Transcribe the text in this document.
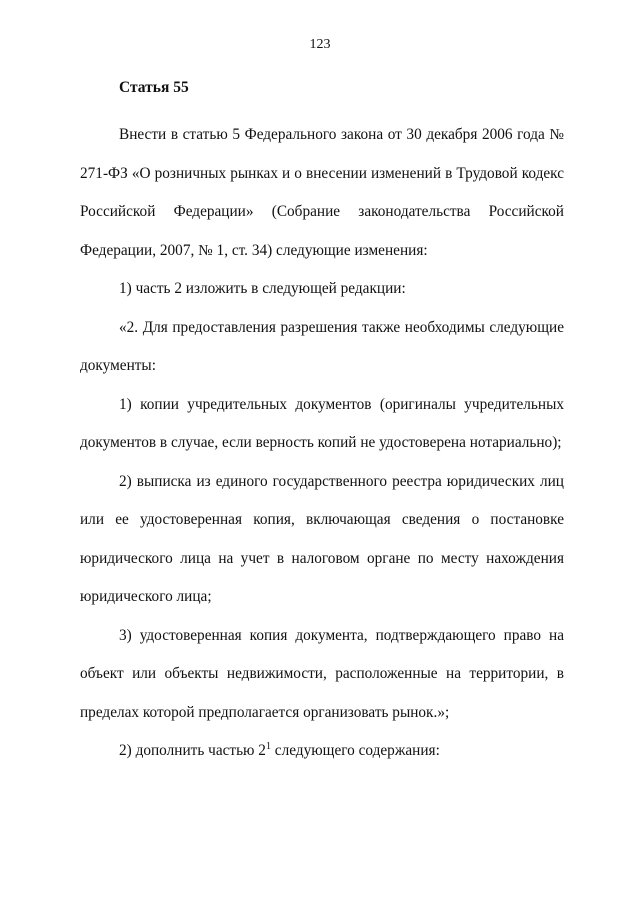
123
Статья 55

Внести в статью 5 Федерального закона от 30 декабря 2006 года № 271-ФЗ «О розничных рынках и о внесении изменений в Трудовой кодекс Российской Федерации» (Собрание законодательства Российской Федерации, 2007, № 1, ст. 34) следующие изменения:

1) часть 2 изложить в следующей редакции:

«2. Для предоставления разрешения также необходимы следующие документы:

1) копии учредительных документов (оригиналы учредительных документов в случае, если верность копий не удостоверена нотариально);

2) выписка из единого государственного реестра юридических лиц или ее удостоверенная копия, включающая сведения о постановке юридического лица на учет в налоговом органе по месту нахождения юридического лица;

3) удостоверенная копия документа, подтверждающего право на объект или объекты недвижимости, расположенные на территории, в пределах которой предполагается организовать рынок.»;

2) дополнить частью $2^1$ следующего содержания:
